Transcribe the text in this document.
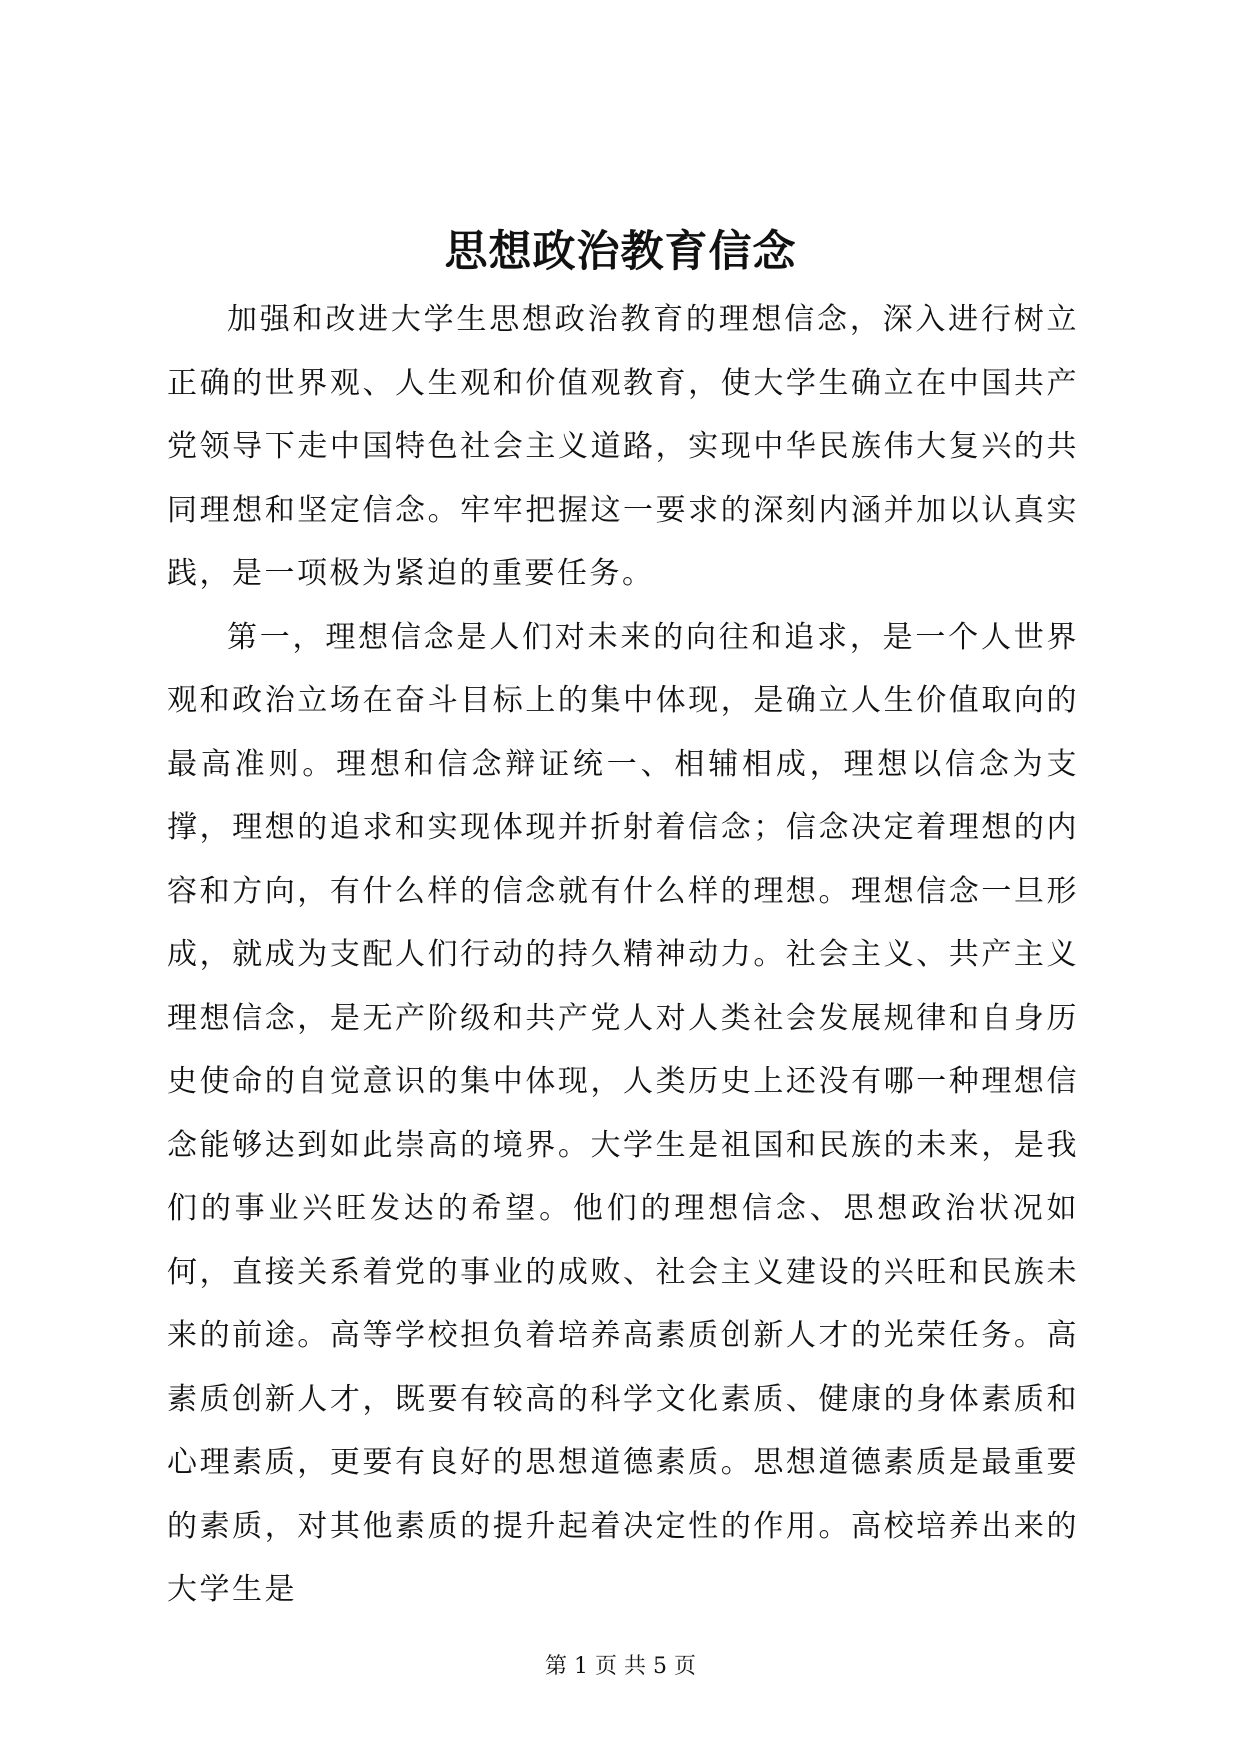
思想政治教育信念

加强和改进大学生思想政治教育的理想信念，深入进行树立正确的世界观、人生观和价值观教育，使大学生确立在中国共产党领导下走中国特色社会主义道路，实现中华民族伟大复兴的共同理想和坚定信念。牢牢把握这一要求的深刻内涵并加以认真实践，是一项极为紧迫的重要任务。

第一，理想信念是人们对未来的向往和追求，是一个人世界观和政治立场在奋斗目标上的集中体现，是确立人生价值取向的最高准则。理想和信念辩证统一、相辅相成，理想以信念为支撑，理想的追求和实现体现并折射着信念；信念决定着理想的内容和方向，有什么样的信念就有什么样的理想。理想信念一旦形成，就成为支配人们行动的持久精神动力。社会主义、共产主义理想信念，是无产阶级和共产党人对人类社会发展规律和自身历史使命的自觉意识的集中体现，人类历史上还没有哪一种理想信念能够达到如此崇高的境界。大学生是祖国和民族的未来，是我们的事业兴旺发达的希望。他们的理想信念、思想政治状况如何，直接关系着党的事业的成败、社会主义建设的兴旺和民族未来的前途。高等学校担负着培养高素质创新人才的光荣任务。高素质创新人才，既要有较高的科学文化素质、健康的身体素质和心理素质，更要有良好的思想道德素质。思想道德素质是最重要的素质，对其他素质的提升起着决定性的作用。高校培养出来的大学生是

第 1 页 共 5 页
